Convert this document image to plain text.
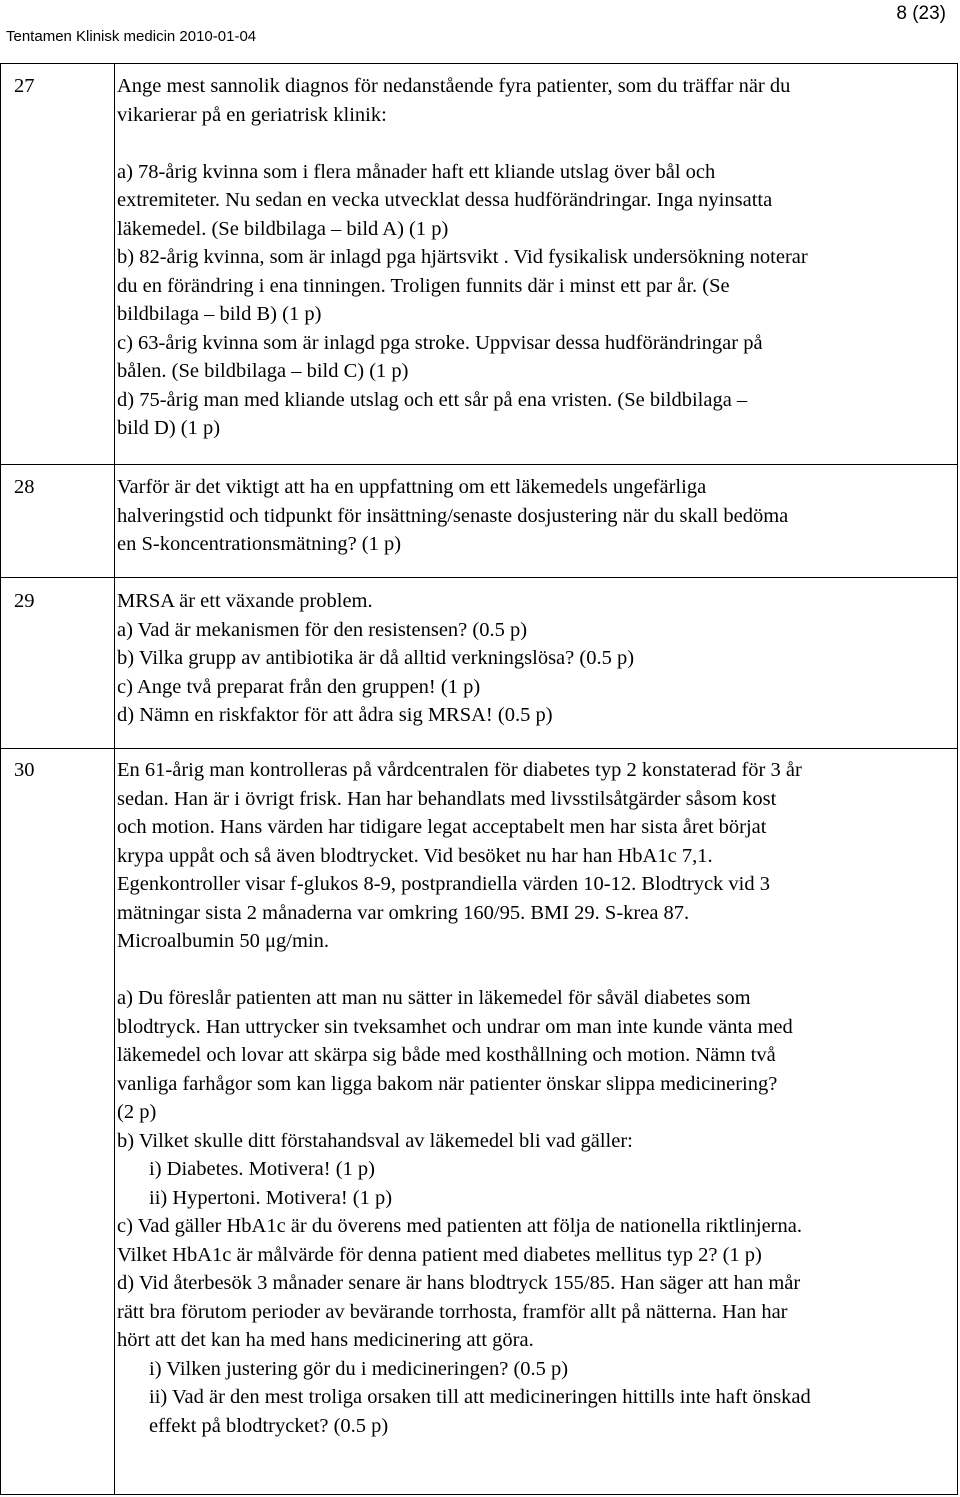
Tentamen Klinisk medicin 2010-01-04
8 (23)
27	Ange mest sannolik diagnos för nedanstående fyra patienter, som du träffar när du
vikarierar på en geriatrisk klinik:
a) 78-årig kvinna som i flera månader haft ett kliande utslag över bål och
extremiteter. Nu sedan en vecka utvecklat dessa hudförändringar. Inga nyinsatta
läkemedel. (Se bildbilaga – bild A) (1 p)
b) 82-årig kvinna, som är inlagd pga hjärtsvikt . Vid fysikalisk undersökning noterar
du en förändring i ena tinningen. Troligen funnits där i minst ett par år. (Se
bildbilaga – bild B) (1 p)
c) 63-årig kvinna som är inlagd pga stroke. Uppvisar dessa hudförändringar på
bålen. (Se bildbilaga – bild C) (1 p)
d) 75-årig man med kliande utslag och ett sår på ena vristen. (Se bildbilaga –
bild D) (1 p)
28	Varför är det viktigt att ha en uppfattning om ett läkemedels ungefärliga
halveringstid och tidpunkt för insättning/senaste dosjustering när du skall bedöma
en S-koncentrationsmätning? (1 p)
29	MRSA är ett växande problem.
a) Vad är mekanismen för den resistensen? (0.5 p)
b) Vilka grupp av antibiotika är då alltid verkningslösa? (0.5 p)
c) Ange två preparat från den gruppen! (1 p)
d) Nämn en riskfaktor för att ådra sig MRSA! (0.5 p)
30	En 61-årig man kontrolleras på vårdcentralen för diabetes typ 2 konstaterad för 3 år
sedan. Han är i övrigt frisk. Han har behandlats med livsstilsåtgärder såsom kost
och motion. Hans värden har tidigare legat acceptabelt men har sista året börjat
krypa uppåt och så även blodtrycket. Vid besöket nu har han HbA1c 7,1.
Egenkontroller visar f-glukos 8-9, postprandiella värden 10-12. Blodtryck vid 3
mätningar sista 2 månaderna var omkring 160/95. BMI 29. S-krea 87.
Microalbumin 50 μg/min.
a) Du föreslår patienten att man nu sätter in läkemedel för såväl diabetes som
blodtryck. Han uttrycker sin tveksamhet och undrar om man inte kunde vänta med
läkemedel och lovar att skärpa sig både med kosthållning och motion. Nämn två
vanliga farhågor som kan ligga bakom när patienter önskar slippa medicinering?
(2 p)
b) Vilket skulle ditt förstahandsval av läkemedel bli vad gäller:
i) Diabetes. Motivera! (1 p)
ii) Hypertoni. Motivera! (1 p)
c) Vad gäller HbA1c är du överens med patienten att följa de nationella riktlinjerna.
Vilket HbA1c är målvärde för denna patient med diabetes mellitus typ 2? (1 p)
d) Vid återbesök 3 månader senare är hans blodtryck 155/85. Han säger att han mår
rätt bra förutom perioder av bevärande torrhosta, framför allt på nätterna. Han har
hört att det kan ha med hans medicinering att göra.
i) Vilken justering gör du i medicineringen? (0.5 p)
ii) Vad är den mest troliga orsaken till att medicineringen hittills inte haft önskad
effekt på blodtrycket? (0.5 p)
